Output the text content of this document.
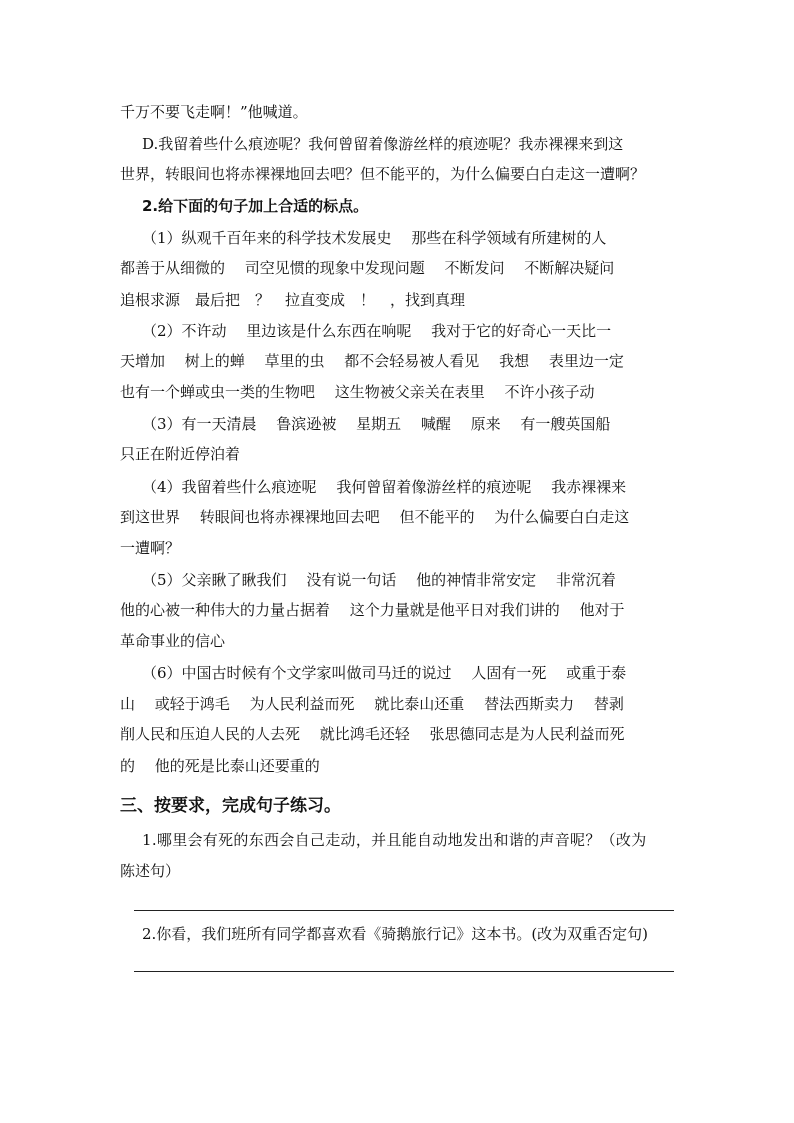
千万不要飞走啊！”他喊道。
D.我留着些什么痕迹呢？我何曾留着像游丝样的痕迹呢？我赤裸裸来到这
世界，转眼间也将赤裸裸地回去吧？但不能平的，为什么偏要白白走这一遭啊？
2.给下面的句子加上合适的标点。
（1）纵观千百年来的科学技术发展史　 那些在科学领域有所建树的人
都善于从细微的　 司空见惯的现象中发现问题　 不断发问　 不断解决疑问
追根求源　最后把　？　拉直变成　！　，找到真理
（2）不许动　 里边该是什么东西在响呢　 我对于它的好奇心一天比一
天增加　 树上的蝉　 草里的虫　 都不会轻易被人看见　 我想　 表里边一定
也有一个蝉或虫一类的生物吧　 这生物被父亲关在表里　 不许小孩子动
（3）有一天清晨　 鲁滨逊被　 星期五　 喊醒　 原来　 有一艘英国船
只正在附近停泊着
（4）我留着些什么痕迹呢　 我何曾留着像游丝样的痕迹呢　 我赤裸裸来
到这世界　 转眼间也将赤裸裸地回去吧　 但不能平的　 为什么偏要白白走这
一遭啊？
（5）父亲瞅了瞅我们　 没有说一句话　 他的神情非常安定　 非常沉着
他的心被一种伟大的力量占据着　 这个力量就是他平日对我们讲的　 他对于
革命事业的信心
（6）中国古时候有个文学家叫做司马迁的说过　 人固有一死　 或重于泰
山　 或轻于鸿毛　 为人民利益而死　 就比泰山还重　 替法西斯卖力　 替剥
削人民和压迫人民的人去死　 就比鸿毛还轻　 张思德同志是为人民利益而死
的　 他的死是比泰山还要重的
三、按要求，完成句子练习。
1.哪里会有死的东西会自己走动，并且能自动地发出和谐的声音呢？（改为
陈述句）
2.你看，我们班所有同学都喜欢看《骑鹅旅行记》这本书。(改为双重否定句)
